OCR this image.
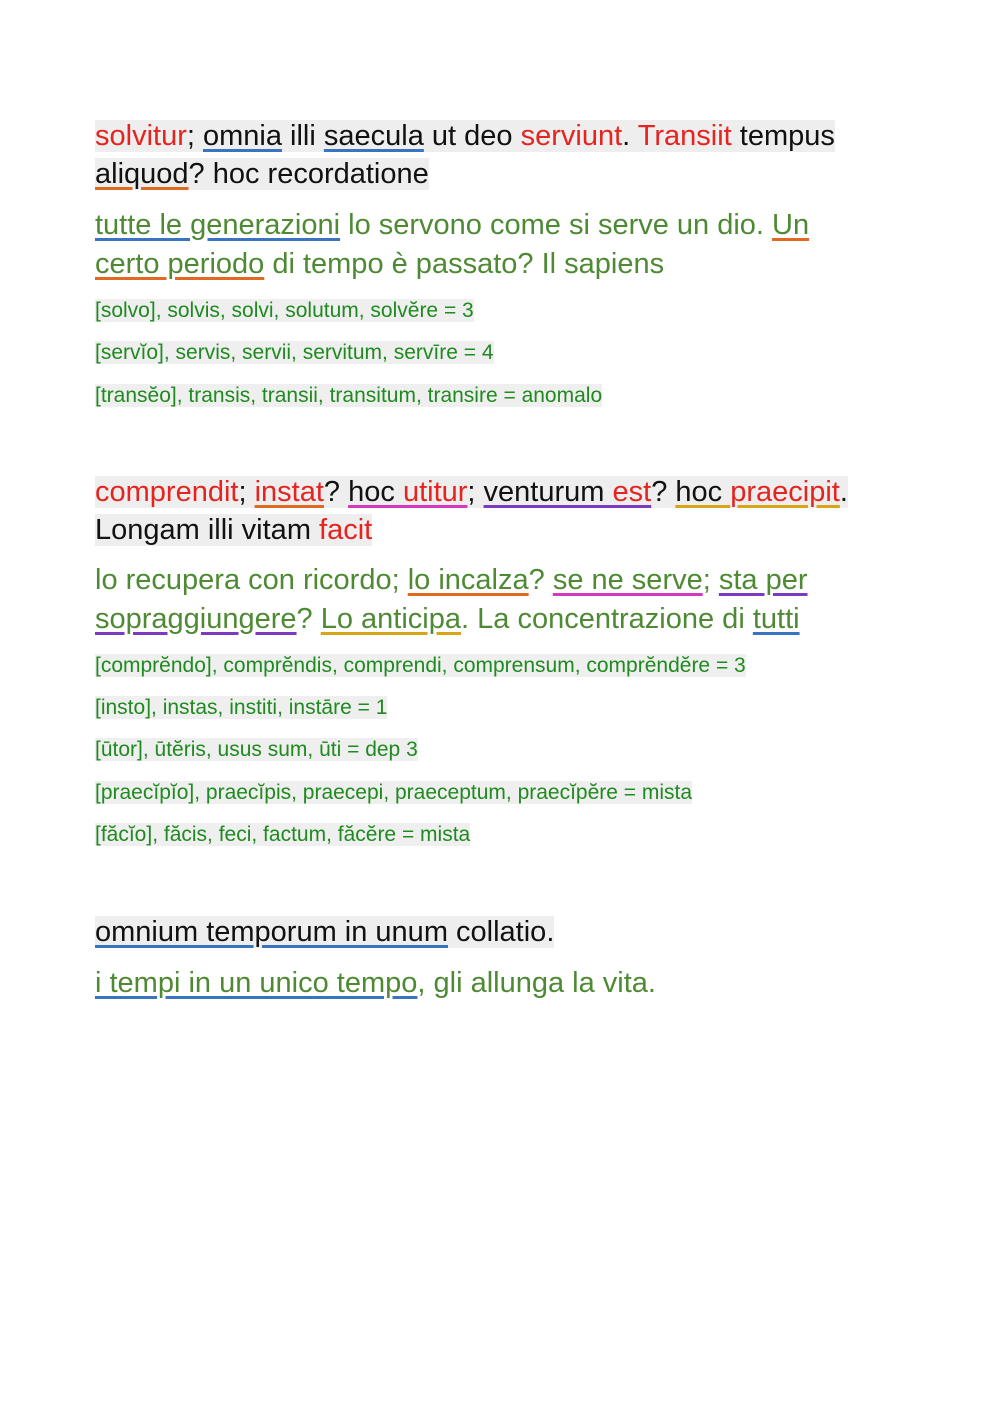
solvitur; omnia illi saecula ut deo serviunt. Transiit tempus
aliquod? hoc recordatione
tutte le generazioni lo servono come si serve un dio. Un
certo periodo di tempo è passato? Il sapiens
[solvo], solvis, solvi, solutum, solvĕre = 3
[servĭo], servis, servii, servitum, servīre = 4
[transĕo], transis, transii, transitum, transire = anomalo
comprendit; instat? hoc utitur; venturum est? hoc praecipit.
Longam illi vitam facit
lo recupera con ricordo; lo incalza? se ne serve; sta per
sopraggiungere? Lo anticipa. La concentrazione di tutti
[comprĕndo], comprĕndis, comprendi, comprensum, comprĕndĕre = 3
[insto], instas, institi, instāre = 1
[ūtor], ūtĕris, usus sum, ūti = dep 3
[praecĭpĭo], praecĭpis, praecepi, praeceptum, praecĭpĕre = mista
[făcĭo], făcis, feci, factum, făcĕre = mista
omnium temporum in unum collatio.
i tempi in un unico tempo, gli allunga la vita.
